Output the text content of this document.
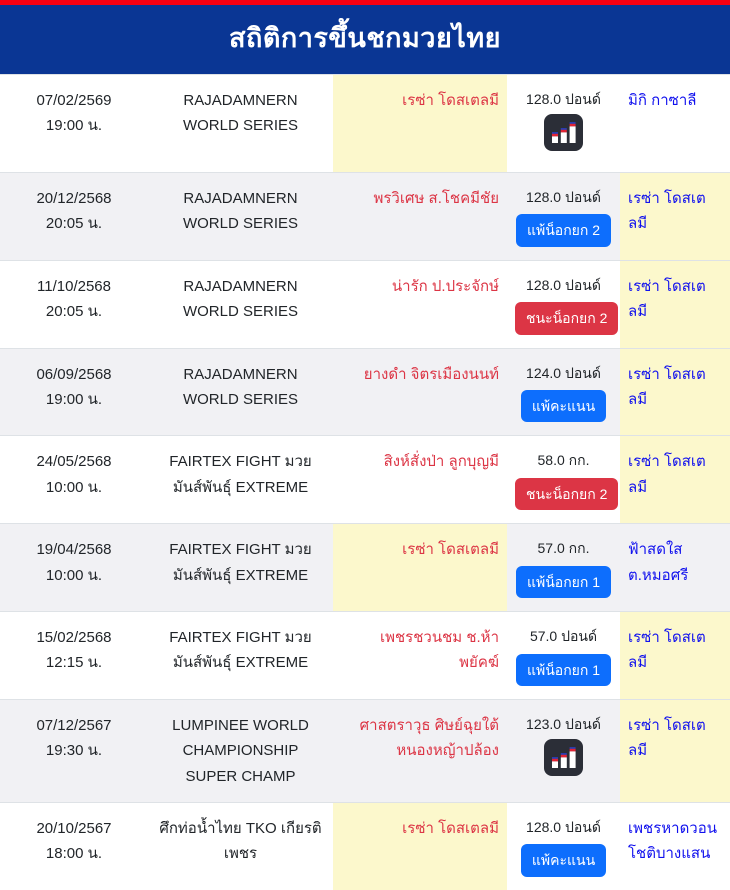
สถิติการขึ้นชกมวยไทย
07/02/2569
19:00 น.	RAJADAMNERN WORLD SERIES	เรซ่า โดสเตลมี	128.0 ปอนด์	มิกิ กาซาลี

20/12/2568
20:05 น.
	RAJADAMNERN WORLD SERIES	พรวิเศษ ส.โชคมีชัย	128.0 ปอนด์
แพ้น็อกยก 2	เรซ่า โดสเตลมี

11/10/2568
20:05 น.
	RAJADAMNERN WORLD SERIES	น่ารัก ป.ประจักษ์	128.0 ปอนด์
ชนะน็อกยก 2	เรซ่า โดสเตลมี

06/09/2568
19:00 น.
	RAJADAMNERN WORLD SERIES	ยางดำ จิตรเมืองนนท์	124.0 ปอนด์
แพ้คะแนน	เรซ่า โดสเตลมี

24/05/2568
10:00 น.
	FAIRTEX FIGHT มวยมันส์พันธุ์ EXTREME	สิงห์สั่งป่า ลูกบุญมี	58.0 กก.
ชนะน็อกยก 2	เรซ่า โดสเตลมี

19/04/2568
10:00 น.
	FAIRTEX FIGHT มวยมันส์พันธุ์ EXTREME	เรซ่า โดสเตลมี	57.0 กก.
แพ้น็อกยก 1	ฟ้าสดใส ต.หมอศรี

15/02/2568
12:15 น.
	FAIRTEX FIGHT มวยมันส์พันธุ์ EXTREME	เพชรชวนชม ช.ห้าพยัคฆ์	
57.0 ปอนด์
แพ้น็อกยก 1	เรซ่า โดสเตลมี

07/12/2567
19:30 น.	LUMPINEE WORLD CHAMPIONSHIP SUPER CHAMP	ศาสตราวุธ ศิษย์ฉุยใต้หนองหญ้าปล้อง	123.0 ปอนด์	เรซ่า โดสเตลมี

20/10/2567
18:00 น.
	ศึกท่อน้ำไทย TKO เกียรติเพชร	เรซ่า โดสเตลมี	128.0 ปอนด์
แพ้คะแนน	เพชรหาดวอน โชติบางแสน
